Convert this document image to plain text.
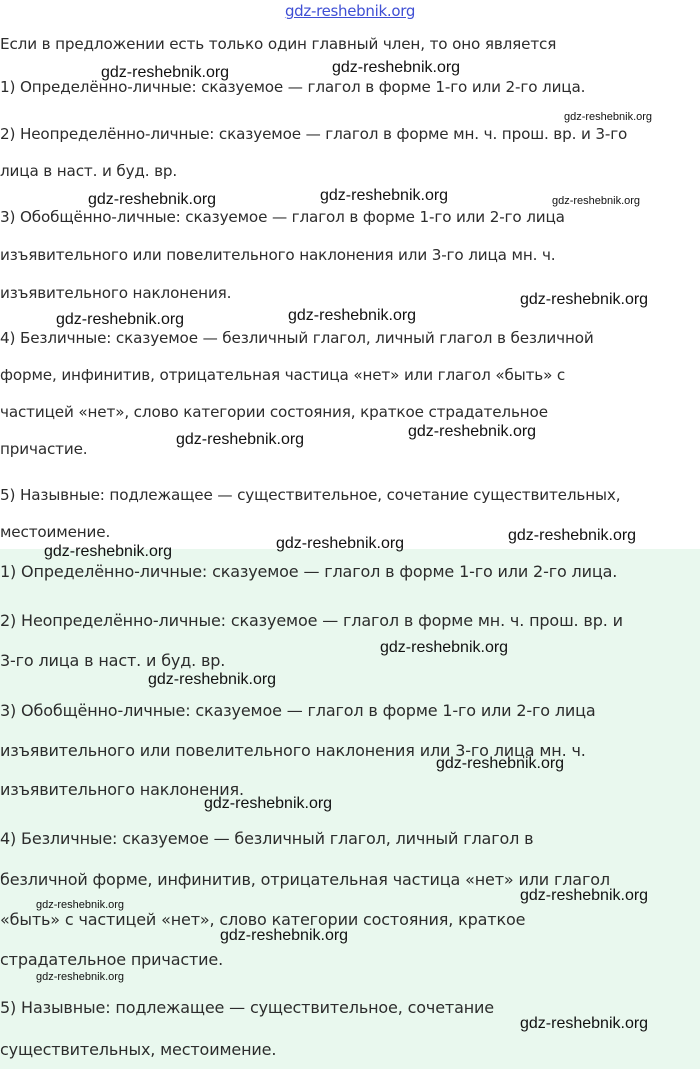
gdz-reshebnik.org
Если в предложении есть только один главный член, то оно является
1) Определённо-личные: сказуемое — глагол в форме 1-го или 2-го лица.
2) Неопределённо-личные: сказуемое — глагол в форме мн. ч. прош. вр. и 3-го
лица в наст. и буд. вр.
3) Обобщённо-личные: сказуемое — глагол в форме 1-го или 2-го лица
изъявительного или повелительного наклонения или 3-го лица мн. ч.
изъявительного наклонения.
4) Безличные: сказуемое — безличный глагол, личный глагол в безличной
форме, инфинитив, отрицательная частица «нет» или глагол «быть» с
частицей «нет», слово категории состояния, краткое страдательное
причастие.
5) Назывные: подлежащее — существительное, сочетание существительных,
местоимение.
1) Определённо-личные: сказуемое — глагол в форме 1-го или 2-го лица.
2) Неопределённо-личные: сказуемое — глагол в форме мн. ч. прош. вр. и
3-го лица в наст. и буд. вр.
3) Обобщённо-личные: сказуемое — глагол в форме 1-го или 2-го лица
изъявительного или повелительного наклонения или 3-го лица мн. ч.
изъявительного наклонения.
4) Безличные: сказуемое — безличный глагол, личный глагол в
безличной форме, инфинитив, отрицательная частица «нет» или глагол
«быть» с частицей «нет», слово категории состояния, краткое
страдательное причастие.
5) Назывные: подлежащее — существительное, сочетание
существительных, местоимение.
gdz-reshebnik.org	gdz-reshebnik.org
gdz-reshebnik.org
gdz-reshebnik.org	gdz-reshebnik.org	gdz-reshebnik.org
gdz-reshebnik.org
gdz-reshebnik.org	gdz-reshebnik.org
gdz-reshebnik.org
gdz-reshebnik.org
gdz-reshebnik.org
gdz-reshebnik.org
gdz-reshebnik.org
gdz-reshebnik.org
gdz-reshebnik.org
gdz-reshebnik.org
gdz-reshebnik.org
gdz-reshebnik.org
gdz-reshebnik.org
gdz-reshebnik.org
gdz-reshebnik.org
gdz-reshebnik.org
